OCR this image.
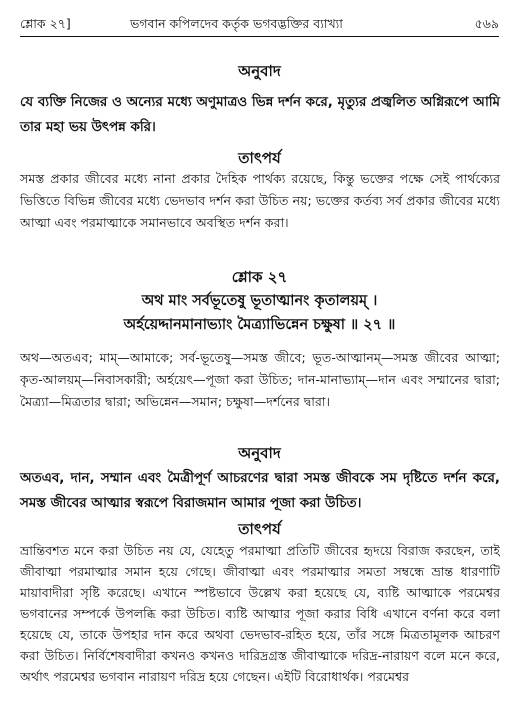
শ্লোক ২৭]	ভগবান কপিলদেব কর্তৃক ভগবদ্ভক্তির ব্যাখ্যা	৫৬৯
অনুবাদ
যে ব্যক্তি নিজের ও অন্যের মধ্যে অণুমাত্রও ভিন্ন দর্শন করে, মৃত্যুর প্রজ্বলিত অগ্নিরূপে আমি তার মহা ভয় উৎপন্ন করি।
তাৎপর্য
সমস্ত প্রকার জীবের মধ্যে নানা প্রকার দৈহিক পার্থক্য রয়েছে, কিন্তু ভক্তের পক্ষে সেই পার্থক্যের ভিত্তিতে বিভিন্ন জীবের মধ্যে ভেদভাব দর্শন করা উচিত নয়; ভক্তের কর্তব্য সর্ব প্রকার জীবের মধ্যে আত্মা এবং পরমাত্মাকে সমানভাবে অবস্থিত দর্শন করা।
শ্লোক ২৭
অথ মাং সর্বভূতেষু ভূতাত্মানং কৃতালয়ম্ ।
অর্হয়েদ্দানমানাভ্যাং মৈত্র্যাভিন্নেন চক্ষুষা ॥ ২৭ ॥
অথ—অতএব; মাম্—আমাকে; সর্ব-ভূতেষু—সমস্ত জীবে; ভূত-আত্মানম্—সমস্ত জীবের আত্মা; কৃত-আলয়ম্—নিবাসকারী; অর্হয়েৎ—পূজা করা উচিত; দান-মানাভ্যাম্—দান এবং সম্মানের দ্বারা; মৈত্র্যা—মিত্রতার দ্বারা; অভিন্নেন—সমান; চক্ষুষা—দর্শনের দ্বারা।
অনুবাদ
অতএব, দান, সম্মান এবং মৈত্রীপূর্ণ আচরণের দ্বারা সমস্ত জীবকে সম দৃষ্টিতে দর্শন করে, সমস্ত জীবের আত্মার স্বরূপে বিরাজমান আমার পূজা করা উচিত।
তাৎপর্য
ভ্রান্তিবশত মনে করা উচিত নয় যে, যেহেতু পরমাত্মা প্রতিটি জীবের হৃদয়ে বিরাজ করছেন, তাই জীবাত্মা পরমাত্মার সমান হয়ে গেছে। জীবাত্মা এবং পরমাত্মার সমতা সম্বন্ধে ভ্রান্ত ধারণাটি মায়াবাদীরা সৃষ্টি করেছে। এখানে স্পষ্টভাবে উল্লেখ করা হয়েছে যে, ব্যষ্টি আত্মাকে পরমেশ্বর ভগবানের সম্পর্কে উপলব্ধি করা উচিত। ব্যষ্টি আত্মার পূজা করার বিধি এখানে বর্ণনা করে বলা হয়েছে যে, তাকে উপহার দান করে অথবা ভেদভাব-রহিত হয়ে, তাঁর সঙ্গে মিত্রতামূলক আচরণ করা উচিত। নির্বিশেষবাদীরা কখনও কখনও দারিদ্রগ্রস্ত জীবাত্মাকে দরিদ্র-নারায়ণ বলে মনে করে, অর্থাৎ পরমেশ্বর ভগবান নারায়ণ দরিদ্র হয়ে গেছেন। এইটি বিরোধার্থক। পরমেশ্বর
